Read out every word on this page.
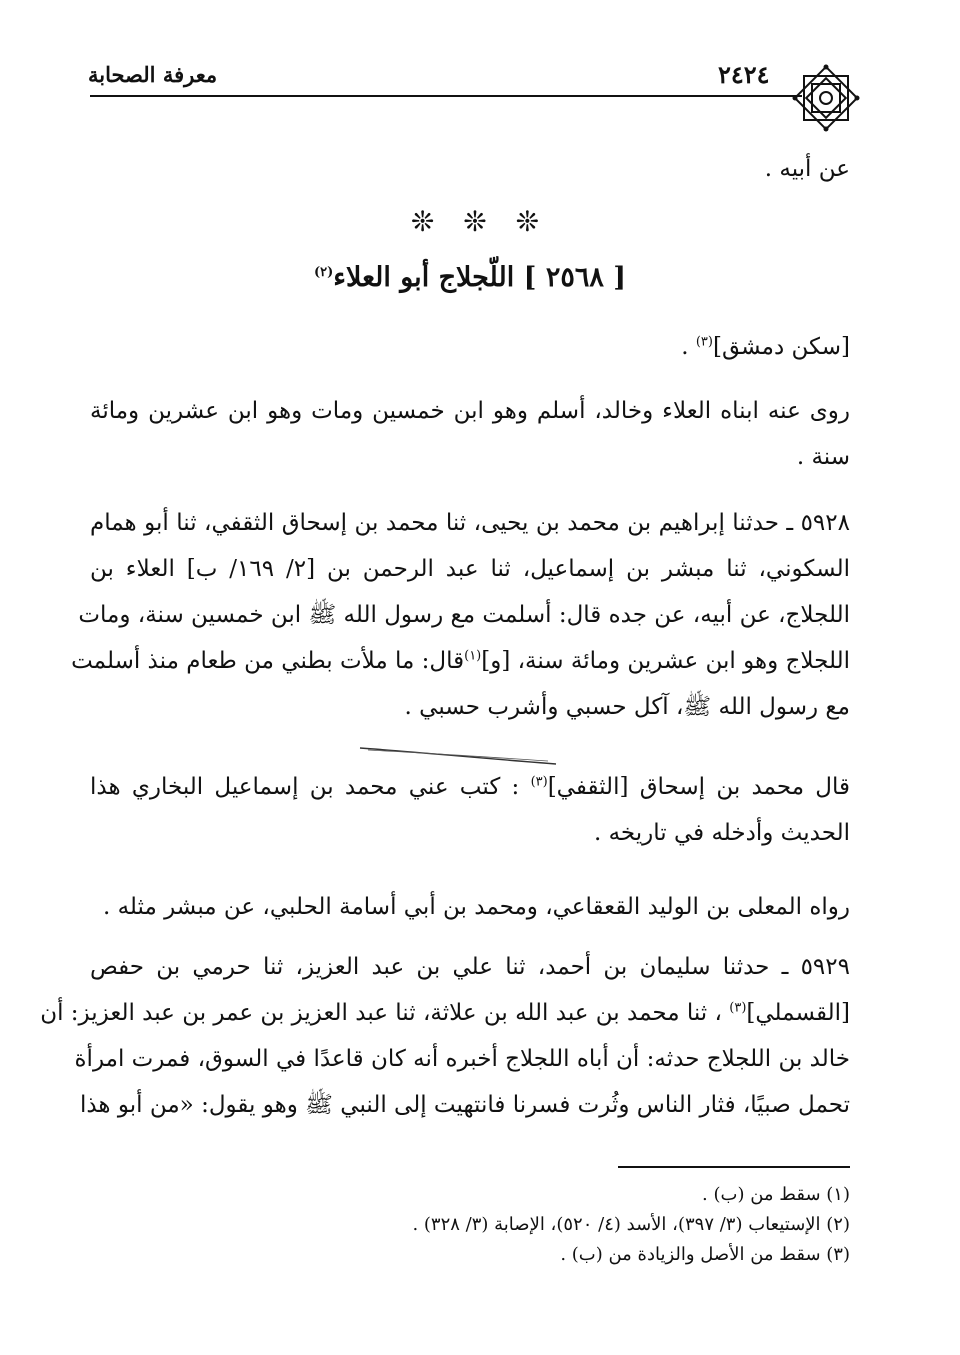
معرفة الصحابة	٢٤٢٤

عن أبيه .

❊ ❊ ❊
[ ٢٥٦٨ ] اللّجلاج أبو العلاء$^{(٢)}$

[سكن دمشق]$^{(٣)}$ .

روى عنه ابناه العلاء وخالد، أسلم وهو ابن خمسين ومات وهو ابن عشرين ومائة
سنة .
٥٩٢٨ ـ حدثنا إبراهيم بن محمد بن يحيى، ثنا محمد بن إسحاق الثقفي، ثنا أبو همام
السكوني، ثنا مبشر بن إسماعيل، ثنا عبد الرحمن بن [٢/ ١٦٩/ ب] العلاء بن
اللجلاج، عن أبيه، عن جده قال: أسلمت مع رسول الله ﷺ ابن خمسين سنة، ومات
اللجلاج وهو ابن عشرين ومائة سنة، [و]$^{(١)}$قال: ما ملأت بطني من طعام منذ أسلمت
مع رسول الله ﷺ، آكل حسبي وأشرب حسبي .
قال محمد بن إسحاق [الثقفي]$^{(٣)}$ : كتب عني محمد بن إسماعيل البخاري هذا
الحديث وأدخله في تاريخه .
رواه المعلى بن الوليد القعقاعي، ومحمد بن أبي أسامة الحلبي، عن مبشر مثله .
٥٩٢٩ ـ حدثنا سليمان بن أحمد، ثنا علي بن عبد العزيز، ثنا حرمي بن حفص
[القسملي]$^{(٣)}$ ، ثنا محمد بن عبد الله بن علاثة، ثنا عبد العزيز بن عمر بن عبد العزيز: أن
خالد بن اللجلاج حدثه: أن أباه اللجلاج أخبره أنه كان قاعدًا في السوق، فمرت امرأة
تحمل صبيًا، فثار الناس وثُرت فسرنا فانتهيت إلى النبي ﷺ وهو يقول: «من أبو هذا
(١) سقط من (ب) .
(٢) الإستيعاب (٣/ ٣٩٧)، الأسد (٤/ ٥٢٠)، الإصابة (٣/ ٣٢٨) .
(٣) سقط من الأصل والزيادة من (ب) .
